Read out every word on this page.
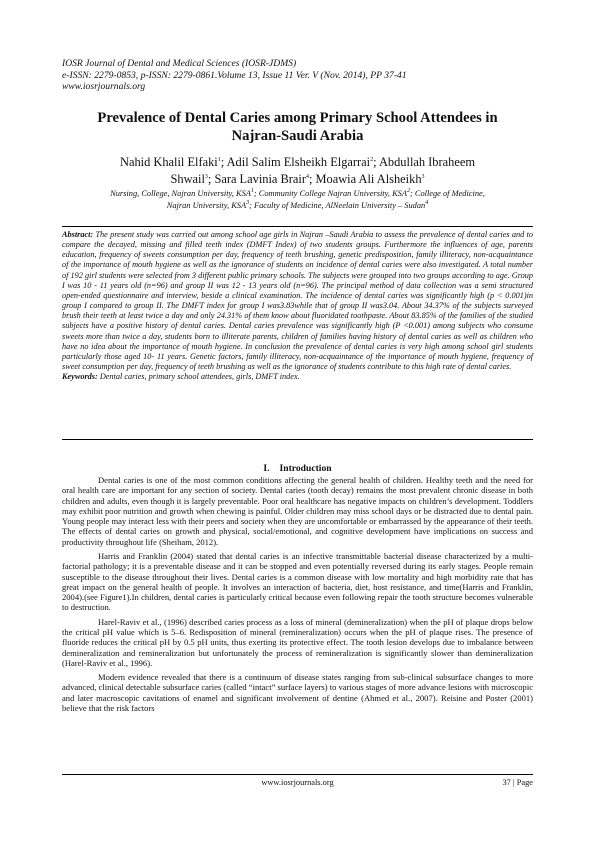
IOSR Journal of Dental and Medical Sciences (IOSR-JDMS)
e-ISSN: 2279-0853, p-ISSN: 2279-0861.Volume 13, Issue 11 Ver. V (Nov. 2014), PP 37-41
www.iosrjournals.org
Prevalence of Dental Caries among Primary School Attendees in
Najran-Saudi Arabia
Nahid Khalil Elfaki$^1$; Adil Salim Elsheikh Elgarrai$^2$; Abdullah Ibraheem
Shwail$^3$; Sara Lavinia Brair$^4$; Moawia Ali Alsheikh$^3$
Nursing, College, Najran University, KSA$^1$; Community College Najran University, KSA$^2$; College of Medicine,
Najran University, KSA$^3$; Faculty of Medicine, AlNeelain University – Sudan$^4$
Abstract: The present study was carried out among school age girls in Najran –Saudi Arabia to assess the prevalence of dental caries and to compare the decayed, missing and filled teeth index (DMFT Index) of two students groups. Furthermore the influences of age, parents education, frequency of sweets consumption per day, frequency of teeth brushing, genetic predisposition, family illiteracy, non-acquaintance of the importance of mouth hygiene as well as the ignorance of students on incidence of dental caries were also investigated. A total number of 192 girl students were selected from 3 different public primary schools. The subjects were grouped into two groups according to age. Group I was 10 - 11 years old (n=96) and group II was 12 - 13 years old (n=96). The principal method of data collection was a semi structured open-ended questionnaire and interview, beside a clinical examination. The incidence of dental caries was significantly high (p < 0.001)in group I compared to group II. The DMFT index for group I was3.83while that of group II was3.04. About 34.37% of the subjects surveyed brush their teeth at least twice a day and only 24.31% of them know about fluoridated toothpaste. About 83.85% of the families of the studied subjects have a positive history of dental caries. Dental caries prevalence was significantly high (P <0.001) among subjects who consume sweets more than twice a day, students born to illiterate parents, children of families having history of dental caries as well as children who have no idea about the importance of mouth hygiene. In conclusion the prevalence of dental caries is very high among school girl students particularly those aged 10- 11 years. Genetic factors, family illiteracy, non-acquaintance of the importance of mouth hygiene, frequency of sweet consumption per day, frequency of teeth brushing as well as the ignorance of students contribute to this high rate of dental caries.
Keywords: Dental caries, primary school attendees, girls, DMFT index.
I. Introduction

Dental caries is one of the most common conditions affecting the general health of children. Healthy teeth and the need for oral health care are important for any section of society. Dental caries (tooth decay) remains the most prevalent chronic disease in both children and adults, even though it is largely preventable. Poor oral healthcare has negative impacts on children’s development. Toddlers may exhibit poor nutrition and growth when chewing is painful. Older children may miss school days or be distracted due to dental pain. Young people may interact less with their peers and society when they are uncomfortable or embarrassed by the appearance of their teeth. The effects of dental caries on growth and physical, social/emotional, and cognitive development have implications on success and productivity throughout life (Sheiham, 2012).

Harris and Franklin (2004) stated that dental caries is an infective transmittable bacterial disease characterized by a multi-factorial pathology; it is a preventable disease and it can be stopped and even potentially reversed during its early stages. People remain susceptible to the disease throughout their lives. Dental caries is a common disease with low mortality and high morbidity rate that has great impact on the general health of people. It involves an interaction of bacteria, diet, host resistance, and time(Harris and Franklin, 2004).(see Figure1).In children, dental caries is particularly critical because even following repair the tooth structure becomes vulnerable to destruction.

Harel-Raviv et al., (1996) described caries process as a loss of mineral (demineralization) when the pH of plaque drops below the critical pH value which is 5–6. Redisposition of mineral (remineralization) occurs when the pH of plaque rises. The presence of fluoride reduces the critical pH by 0.5 pH units, thus exerting its protective effect. The tooth lesion develops due to imbalance between demineralization and remineralization but unfortunately the process of remineralization is significantly slower than demineralization (Harel-Raviv et al., 1996).

Modern evidence revealed that there is a continuum of disease states ranging from sub-clinical subsurface changes to more advanced, clinical detectable subsurface caries (called “intact” surface layers) to various stages of more advance lesions with microscopic and later macroscopic cavitations of enamel and significant involvement of dentine (Ahmed et al., 2007). Reisine and Poster (2001) believe that the risk factors

www.iosrjournals.org	37 | Page
